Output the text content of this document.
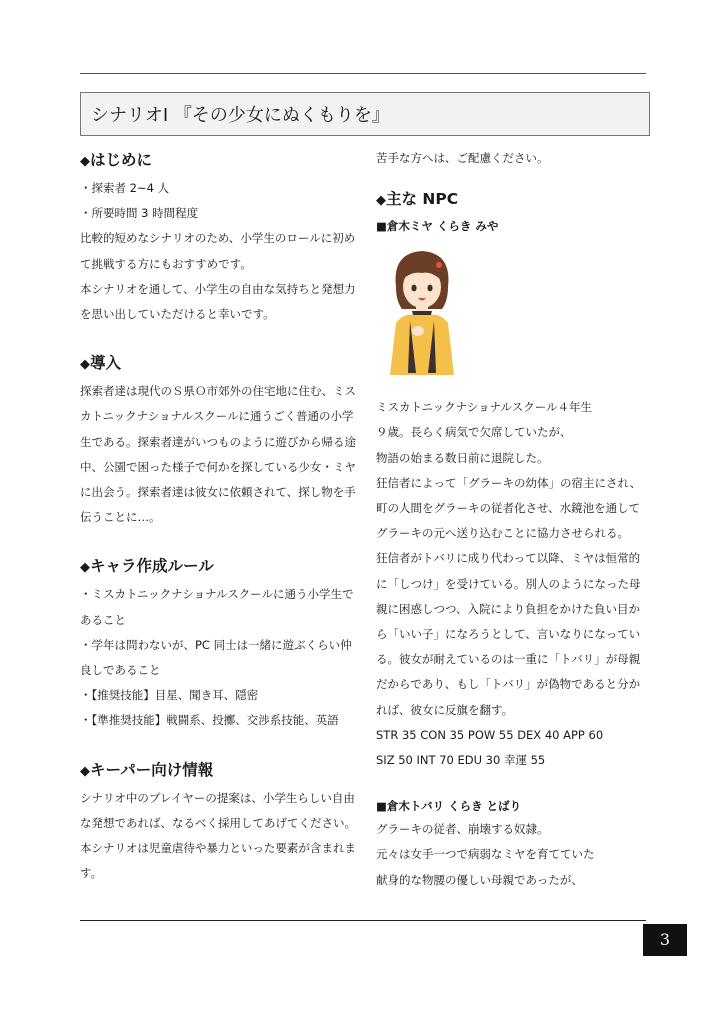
シナリオⅠ 『その少女にぬくもりを』
◆はじめに

・探索者 2~4 人

・所要時間 3 時間程度

比較的短めなシナリオのため、小学生のロールに初めて挑戦する方にもおすすめです。

本シナリオを通して、小学生の自由な気持ちと発想力を思い出していただけると幸いです。

◆導入

探索者達は現代のＳ県Ｏ市郊外の住宅地に住む、ミスカトニックナショナルスクールに通うごく普通の小学生である。探索者達がいつものように遊びから帰る途中、公園で困った様子で何かを探している少女・ミヤに出会う。探索者達は彼女に依頼されて、探し物を手伝うことに…。

◆キャラ作成ルール

・ミスカトニックナショナルスクールに通う小学生であること

・学年は問わないが、PC 同士は一緒に遊ぶくらい仲良しであること

・【推奨技能】目星、聞き耳、隠密

・【準推奨技能】戦闘系、投擲、交渉系技能、英語

◆キーパー向け情報

シナリオ中のプレイヤーの提案は、小学生らしい自由な発想であれば、なるべく採用してあげてください。本シナリオは児童虐待や暴力といった要素が含まれます。

苦手な方へは、ご配慮ください。

◆主な NPC

■倉木ミヤ くらき みや

ミスカトニックナショナルスクール４年生

９歳。長らく病気で欠席していたが、

物語の始まる数日前に退院した。

狂信者によって「グラーキの幼体」の宿主にされ、

町の人間をグラーキの従者化させ、水鏡池を通してグラーキの元へ送り込むことに協力させられる。

狂信者がトバリに成り代わって以降、ミヤは恒常的に「しつけ」を受けている。別人のようになった母親に困惑しつつ、入院により負担をかけた負い目から「いい子」になろうとして、言いなりになっている。彼女が耐えているのは一重に「トバリ」が母親だからであり、もし「トバリ」が偽物であると分かれば、彼女に反旗を翻す。

STR 35 CON 35 POW 55 DEX 40 APP 60

SIZ 50 INT 70 EDU 30 幸運 55

■倉木トバリ くらき とばり

グラーキの従者、崩壊する奴隷。

元々は女手一つで病弱なミヤを育てていた

献身的な物腰の優しい母親であったが、

3
